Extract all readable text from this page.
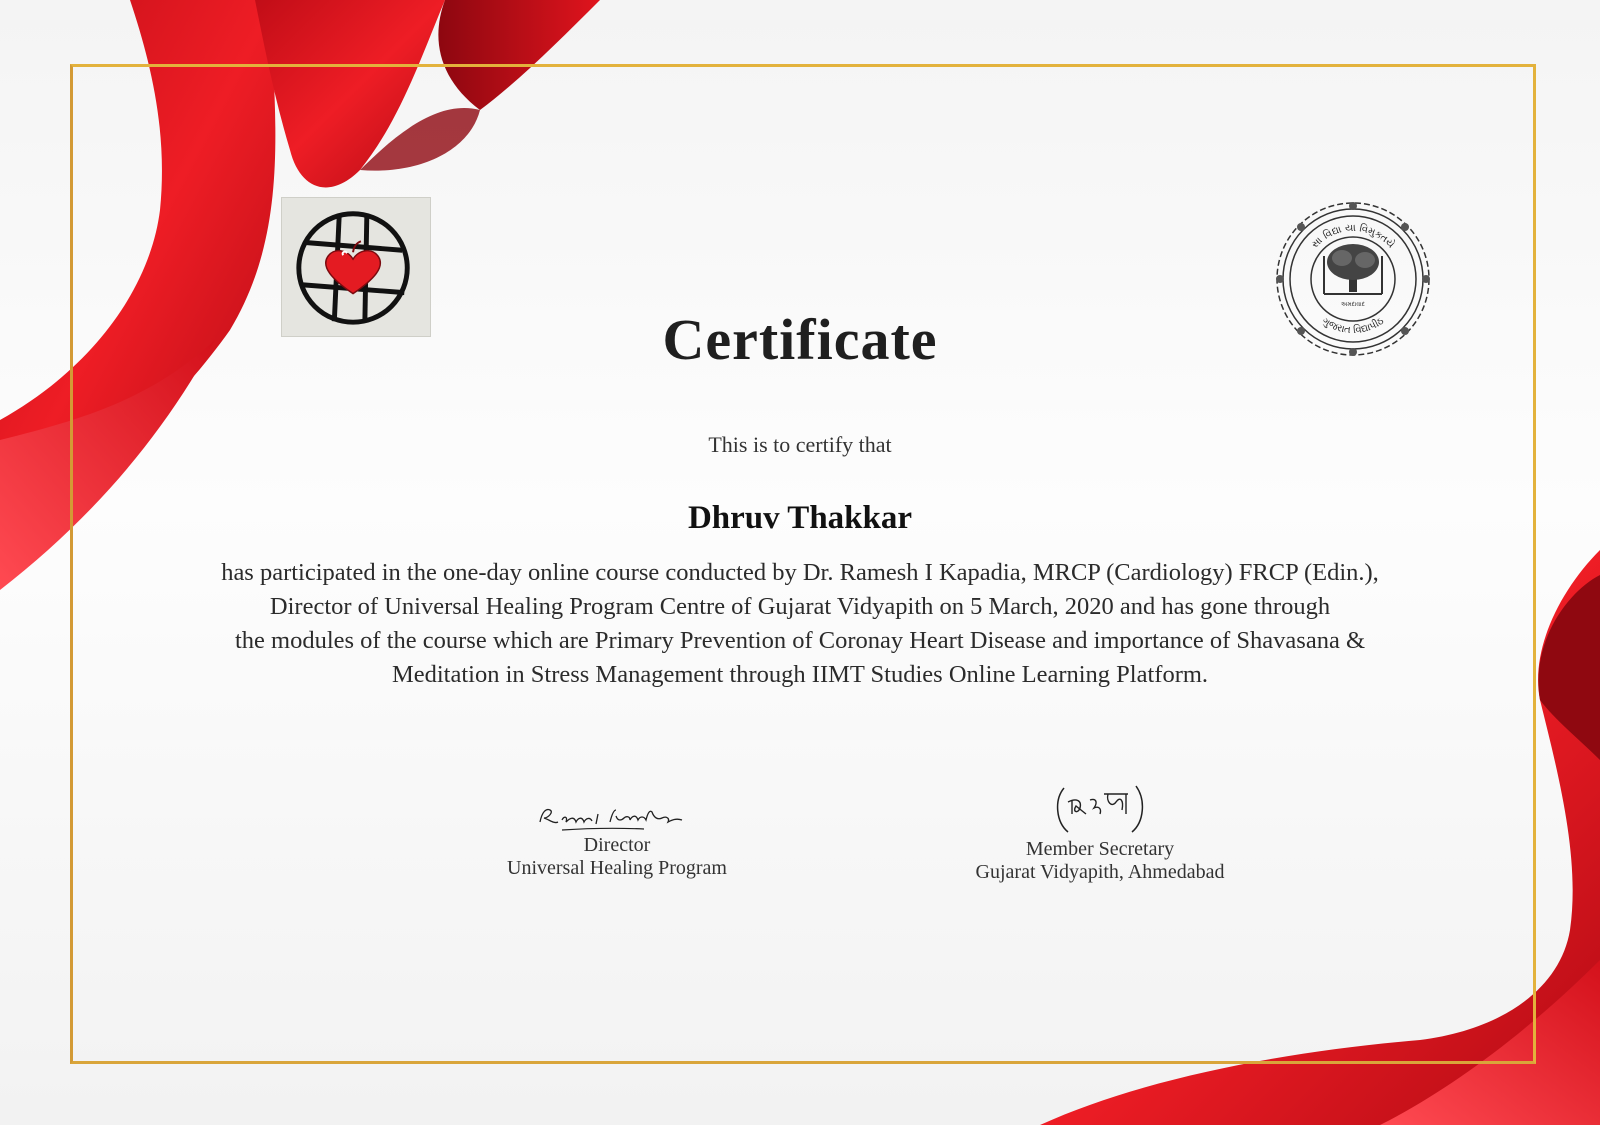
સા વિદ્યા યા વિમુક્તયે
ગુજરાત વિદ્યાપીઠ
અમદાવાદ
Certificate
This is to certify that
Dhruv Thakkar
has participated in the one-day online course conducted by Dr. Ramesh I Kapadia, MRCP (Cardiology) FRCP (Edin.),
Director of Universal Healing Program Centre of Gujarat Vidyapith on 5 March, 2020 and has gone through
the modules of the course which are Primary Prevention of Coronay Heart Disease and importance of Shavasana &
Meditation in Stress Management through IIMT Studies Online Learning Platform.
Director
Universal Healing Program
Member Secretary
Gujarat Vidyapith, Ahmedabad
